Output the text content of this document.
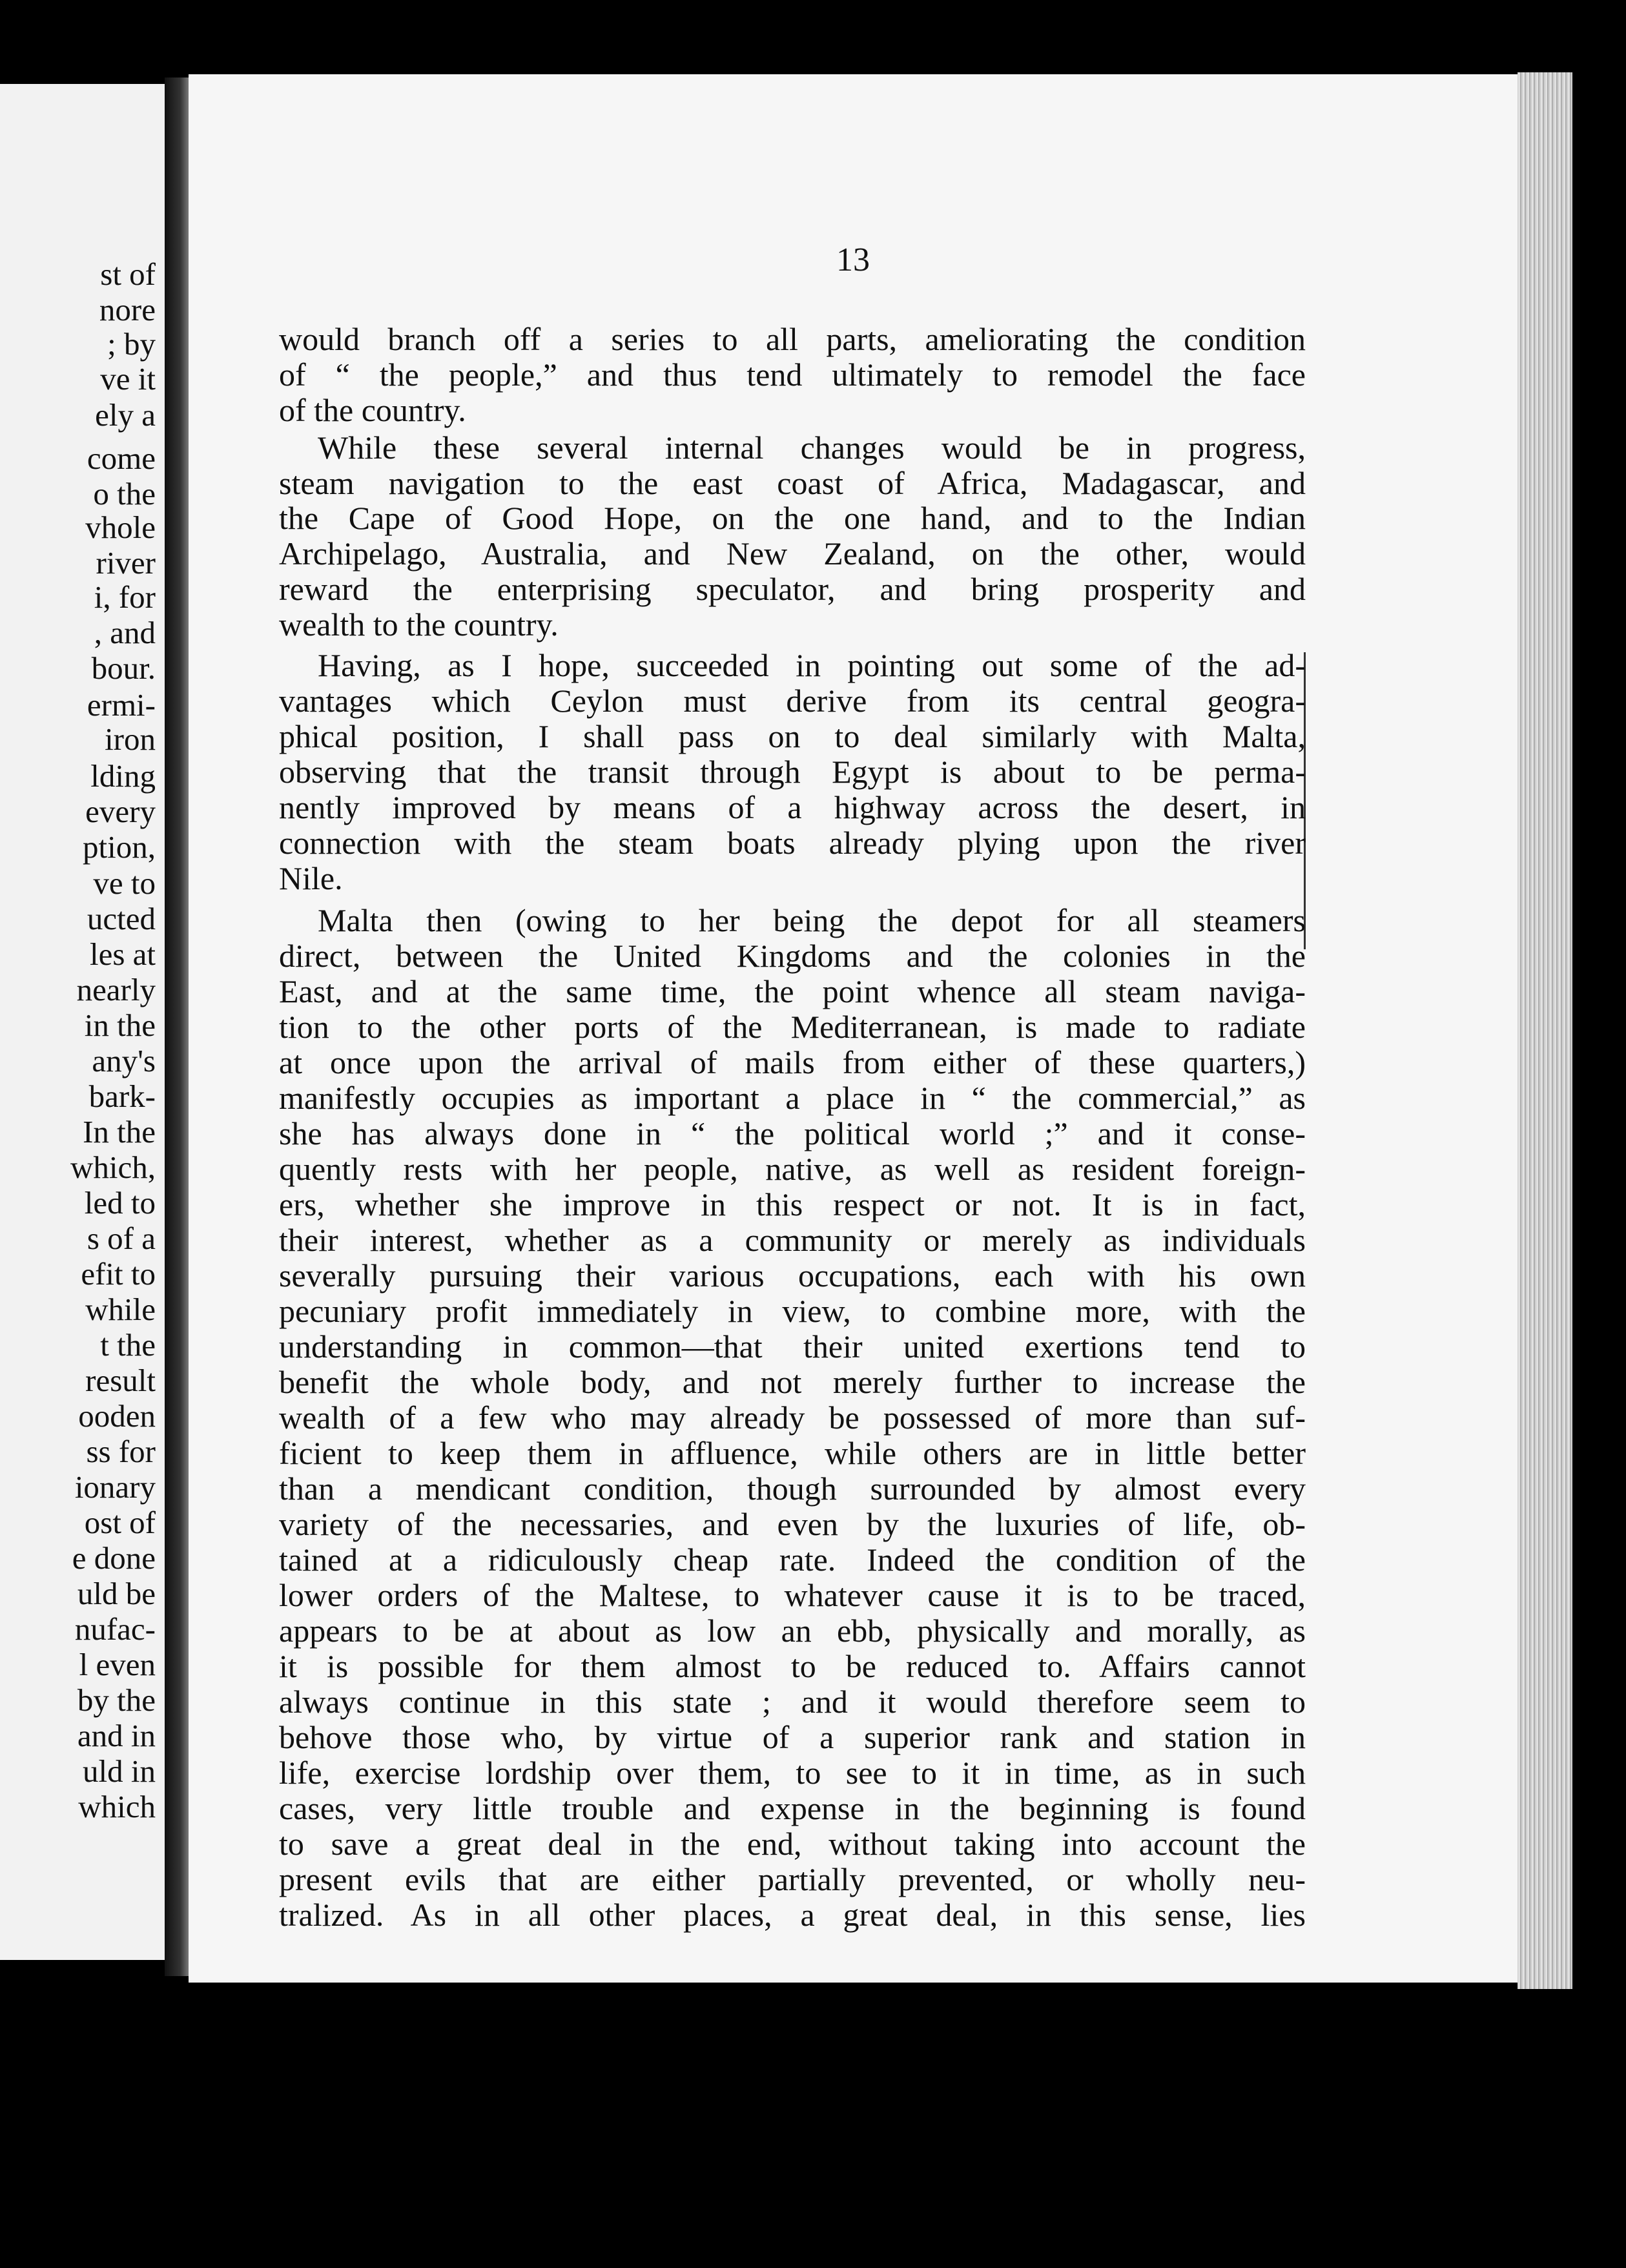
st of
nore
; by
ve it
ely a
come
o the
vhole
river
i, for
, and
bour.
ermi-
iron
lding
every
ption,
ve to
ucted
les at
nearly
in the
any's
bark-
In the
which,
led to
s of a
efit to
while
t the
result
ooden
ss for
ionary
ost of
e done
uld be
nufac-
l even
by the
and in
uld in
which
13
would branch off a series to all parts, ameliorating the condition
of “ the people,” and thus tend ultimately to remodel the face
of the country.
While these several internal changes would be in progress,
steam navigation to the east coast of Africa, Madagascar, and
the Cape of Good Hope, on the one hand, and to the Indian
Archipelago, Australia, and New Zealand, on the other, would
reward the enterprising speculator, and bring prosperity and
wealth to the country.
Having, as I hope, succeeded in pointing out some of the ad-
vantages which Ceylon must derive from its central geogra-
phical position, I shall pass on to deal similarly with Malta,
observing that the transit through Egypt is about to be perma-
nently improved by means of a highway across the desert, in
connection with the steam boats already plying upon the river
Nile.
Malta then (owing to her being the depot for all steamers
direct, between the United Kingdoms and the colonies in the
East, and at the same time, the point whence all steam naviga-
tion to the other ports of the Mediterranean, is made to radiate
at once upon the arrival of mails from either of these quarters,)
manifestly occupies as important a place in “ the commercial,” as
she has always done in “ the political world ;” and it conse-
quently rests with her people, native, as well as resident foreign-
ers, whether she improve in this respect or not. It is in fact,
their interest, whether as a community or merely as individuals
severally pursuing their various occupations, each with his own
pecuniary profit immediately in view, to combine more, with the
understanding in common—that their united exertions tend to
benefit the whole body, and not merely further to increase the
wealth of a few who may already be possessed of more than suf-
ficient to keep them in affluence, while others are in little better
than a mendicant condition, though surrounded by almost every
variety of the necessaries, and even by the luxuries of life, ob-
tained at a ridiculously cheap rate. Indeed the condition of the
lower orders of the Maltese, to whatever cause it is to be traced,
appears to be at about as low an ebb, physically and morally, as
it is possible for them almost to be reduced to. Affairs cannot
always continue in this state ; and it would therefore seem to
behove those who, by virtue of a superior rank and station in
life, exercise lordship over them, to see to it in time, as in such
cases, very little trouble and expense in the beginning is found
to save a great deal in the end, without taking into account the
present evils that are either partially prevented, or wholly neu-
tralized. As in all other places, a great deal, in this sense, lies
